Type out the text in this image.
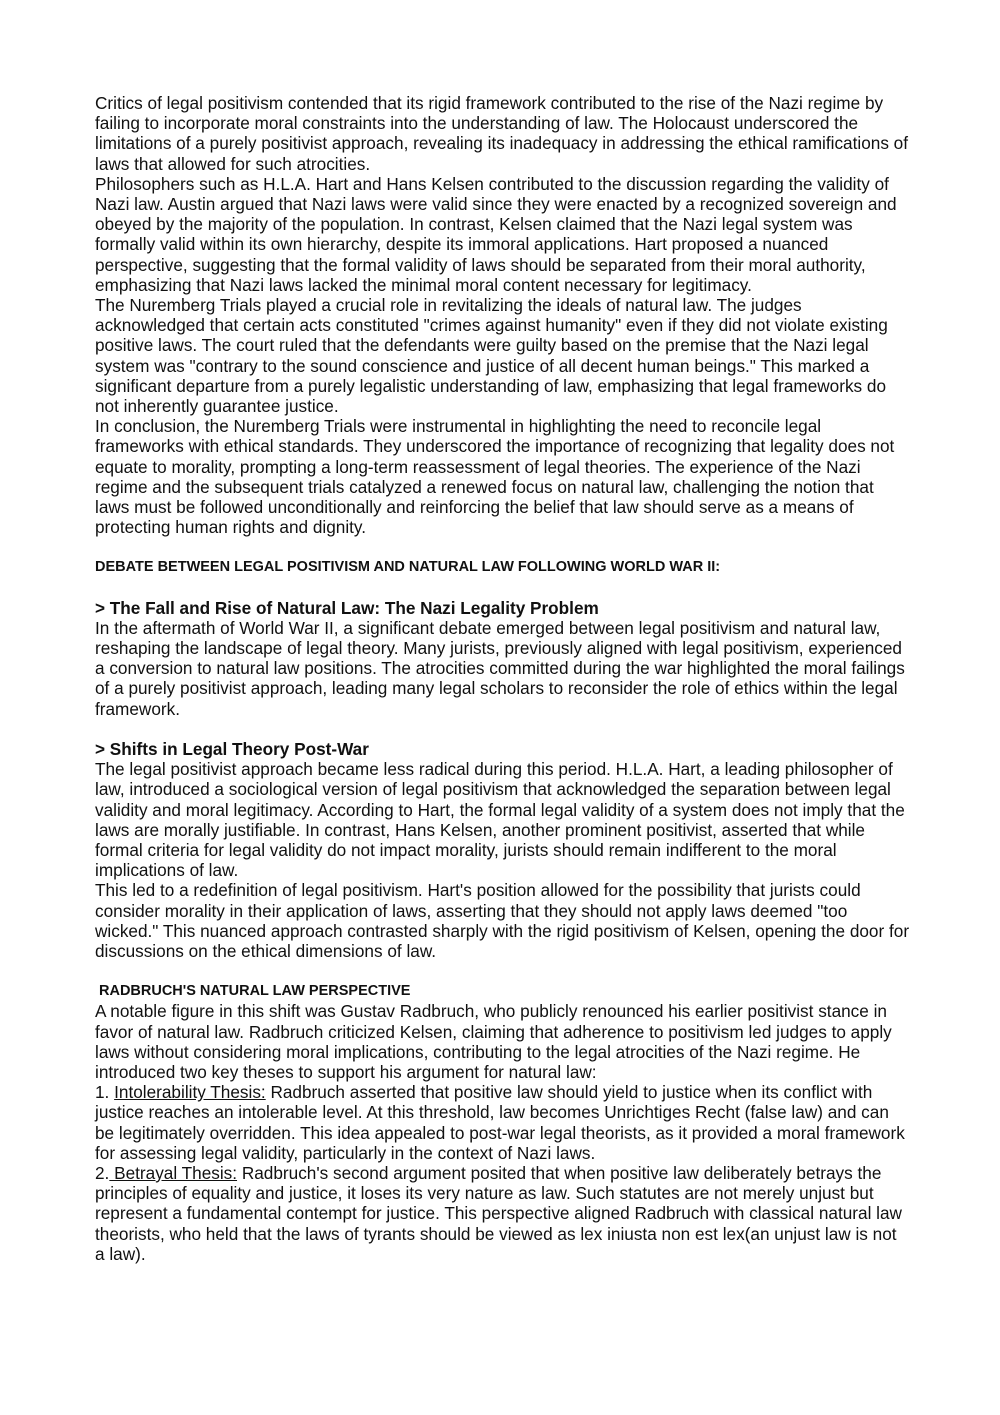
Critics of legal positivism contended that its rigid framework contributed to the rise of the Nazi regime by failing to incorporate moral constraints into the understanding of law. The Holocaust underscored the limitations of a purely positivist approach, revealing its inadequacy in addressing the ethical ramifications of laws that allowed for such atrocities.

Philosophers such as H.L.A. Hart and Hans Kelsen contributed to the discussion regarding the validity of Nazi law. Austin argued that Nazi laws were valid since they were enacted by a recognized sovereign and obeyed by the majority of the population. In contrast, Kelsen claimed that the Nazi legal system was formally valid within its own hierarchy, despite its immoral applications. Hart proposed a nuanced perspective, suggesting that the formal validity of laws should be separated from their moral authority, emphasizing that Nazi laws lacked the minimal moral content necessary for legitimacy.

The Nuremberg Trials played a crucial role in revitalizing the ideals of natural law. The judges acknowledged that certain acts constituted "crimes against humanity" even if they did not violate existing positive laws. The court ruled that the defendants were guilty based on the premise that the Nazi legal system was "contrary to the sound conscience and justice of all decent human beings." This marked a significant departure from a purely legalistic understanding of law, emphasizing that legal frameworks do not inherently guarantee justice.

In conclusion, the Nuremberg Trials were instrumental in highlighting the need to reconcile legal frameworks with ethical standards. They underscored the importance of recognizing that legality does not equate to morality, prompting a long-term reassessment of legal theories. The experience of the Nazi regime and the subsequent trials catalyzed a renewed focus on natural law, challenging the notion that laws must be followed unconditionally and reinforcing the belief that law should serve as a means of protecting human rights and dignity.

DEBATE BETWEEN LEGAL POSITIVISM AND NATURAL LAW FOLLOWING WORLD WAR II:

> The Fall and Rise of Natural Law: The Nazi Legality Problem

In the aftermath of World War II, a significant debate emerged between legal positivism and natural law, reshaping the landscape of legal theory. Many jurists, previously aligned with legal positivism, experienced a conversion to natural law positions. The atrocities committed during the war highlighted the moral failings of a purely positivist approach, leading many legal scholars to reconsider the role of ethics within the legal framework.

> Shifts in Legal Theory Post-War

The legal positivist approach became less radical during this period. H.L.A. Hart, a leading philosopher of law, introduced a sociological version of legal positivism that acknowledged the separation between legal validity and moral legitimacy. According to Hart, the formal legal validity of a system does not imply that the laws are morally justifiable. In contrast, Hans Kelsen, another prominent positivist, asserted that while formal criteria for legal validity do not impact morality, jurists should remain indifferent to the moral implications of law.

This led to a redefinition of legal positivism. Hart's position allowed for the possibility that jurists could consider morality in their application of laws, asserting that they should not apply laws deemed "too wicked." This nuanced approach contrasted sharply with the rigid positivism of Kelsen, opening the door for discussions on the ethical dimensions of law.

RADBRUCH'S NATURAL LAW PERSPECTIVE

A notable figure in this shift was Gustav Radbruch, who publicly renounced his earlier positivist stance in favor of natural law. Radbruch criticized Kelsen, claiming that adherence to positivism led judges to apply laws without considering moral implications, contributing to the legal atrocities of the Nazi regime. He introduced two key theses to support his argument for natural law:

1. Intolerability Thesis: Radbruch asserted that positive law should yield to justice when its conflict with justice reaches an intolerable level. At this threshold, law becomes Unrichtiges Recht (false law) and can be legitimately overridden. This idea appealed to post-war legal theorists, as it provided a moral framework for assessing legal validity, particularly in the context of Nazi laws.

2. Betrayal Thesis: Radbruch's second argument posited that when positive law deliberately betrays the principles of equality and justice, it loses its very nature as law. Such statutes are not merely unjust but represent a fundamental contempt for justice. This perspective aligned Radbruch with classical natural law theorists, who held that the laws of tyrants should be viewed as lex iniusta non est lex(an unjust law is not a law).
